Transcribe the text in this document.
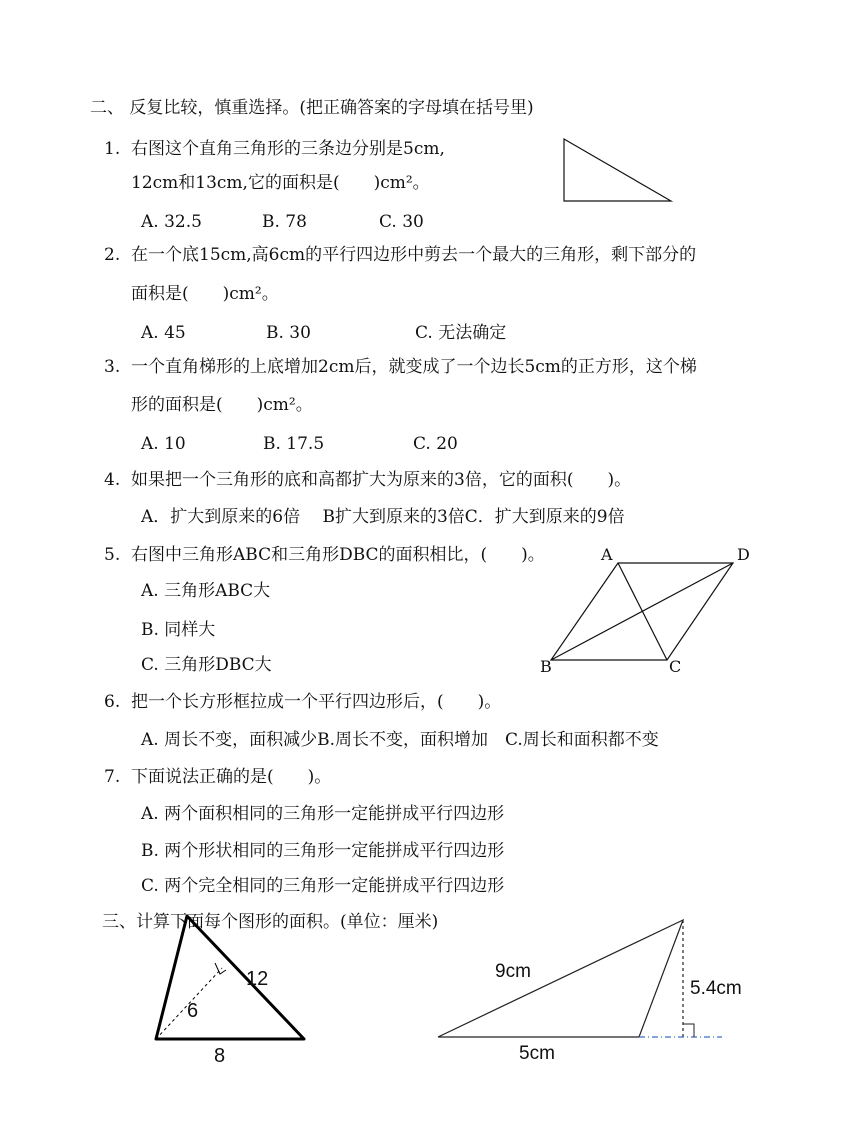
二、 反复比较，慎重选择。(把正确答案的字母填在括号里)
1. 右图这个直角三角形的三条边分别是5cm,
12cm和13cm,它的面积是(　　)cm²。
A. 32.5	B. 78	C. 30
2. 在一个底15cm,高6cm的平行四边形中剪去一个最大的三角形，剩下部分的
面积是(　　)cm²。
A. 45	B. 30	C. 无法确定
3. 一个直角梯形的上底增加2cm后，就变成了一个边长5cm的正方形，这个梯
形的面积是(　　)cm²。
A. 10	B. 17.5	C. 20
4. 如果把一个三角形的底和高都扩大为原来的3倍，它的面积(　　)。
A．扩大到原来的6倍　 B扩大到原来的3倍C．扩大到原来的9倍
5. 右图中三角形ABC和三角形DBC的面积相比，(　　)。
A. 三角形ABC大
B. 同样大
C. 三角形DBC大
6. 把一个长方形框拉成一个平行四边形后，(　　)。
A. 周长不变，面积减少B.周长不变，面积增加　C.周长和面积都不变
7. 下面说法正确的是(　　)。
A. 两个面积相同的三角形一定能拼成平行四边形
B. 两个形状相同的三角形一定能拼成平行四边形
C. 两个完全相同的三角形一定能拼成平行四边形
三、计算下面每个图形的面积。(单位：厘米)
A	D
B	C
12
6
8
9cm
5.4cm
5cm
